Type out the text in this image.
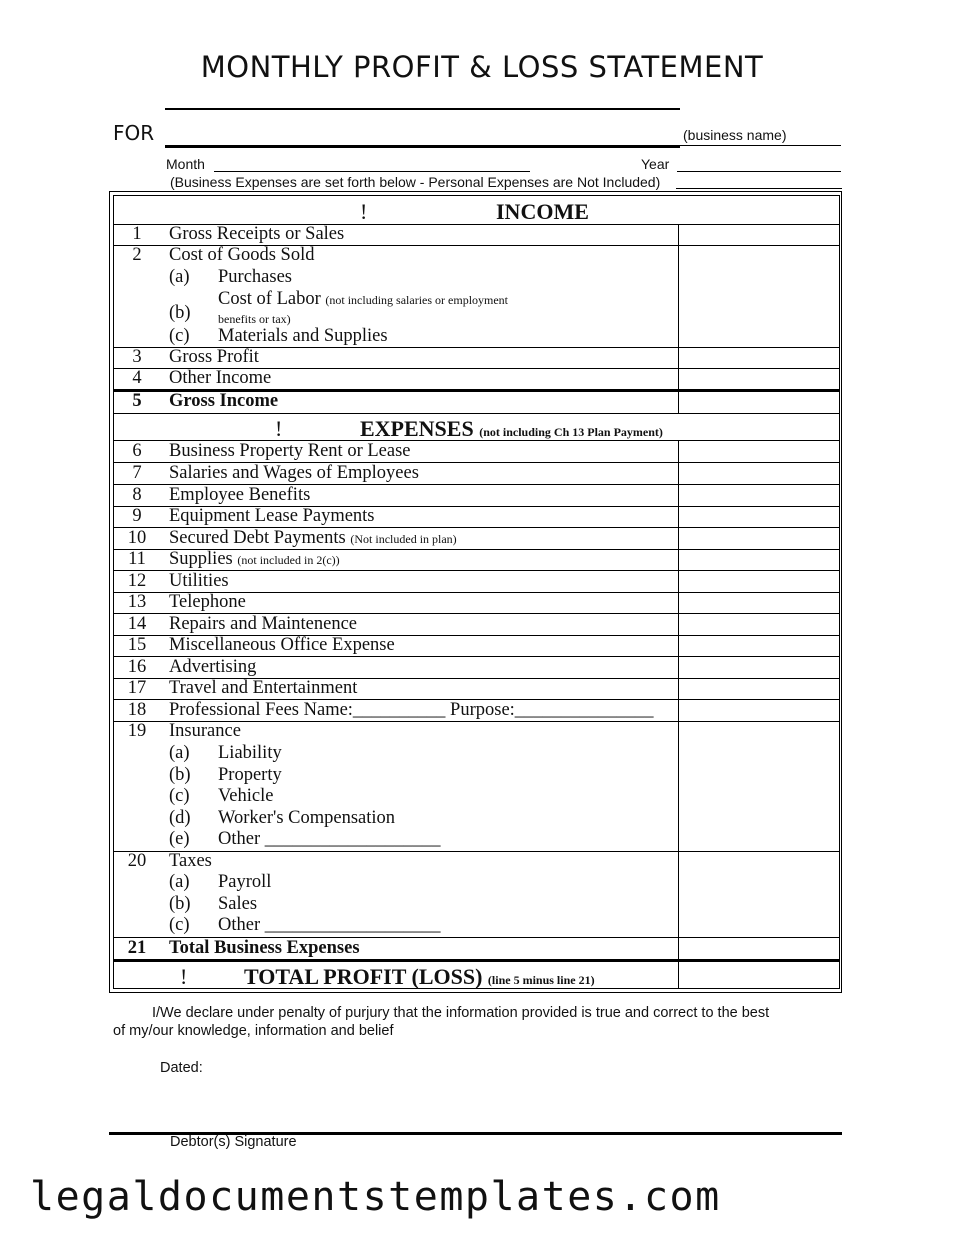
MONTHLY PROFIT & LOSS STATEMENT
FOR	(business name)
Month	Year
(Business Expenses are set forth below - Personal Expenses are Not Included)
!	INCOME
1	Gross Receipts or Sales
2	Cost of Goods Sold
(a) Purchases
Cost of Labor (not including salaries or employment
(b) benefits or tax)
(c) Materials and Supplies
3	Gross Profit
4	Other Income
5	Gross Income
!	EXPENSES (not including Ch 13 Plan Payment)
6	Business Property Rent or Lease
7	Salaries and Wages of Employees
8	Employee Benefits
9	Equipment Lease Payments
10	Secured Debt Payments (Not included in plan)
11	Supplies (not included in 2(c))
12	Utilities
13	Telephone
14	Repairs and Maintenence
15	Miscellaneous Office Expense
16	Advertising
17	Travel and Entertainment
18	Professional Fees Name:__________ Purpose:_______________
19	Insurance
(a) Liability
(b) Property
(c) Vehicle
(d) Worker's Compensation
(e) Other ___________________
20	Taxes
(a) Payroll
(b) Sales
(c) Other ___________________
21	Total Business Expenses
!	TOTAL PROFIT (LOSS) (line 5 minus line 21)
I/We declare under penalty of purjury that the information provided is true and correct to the best
of my/our knowledge, information and belief
Dated:
Debtor(s) Signature
legaldocumentstemplates.com
